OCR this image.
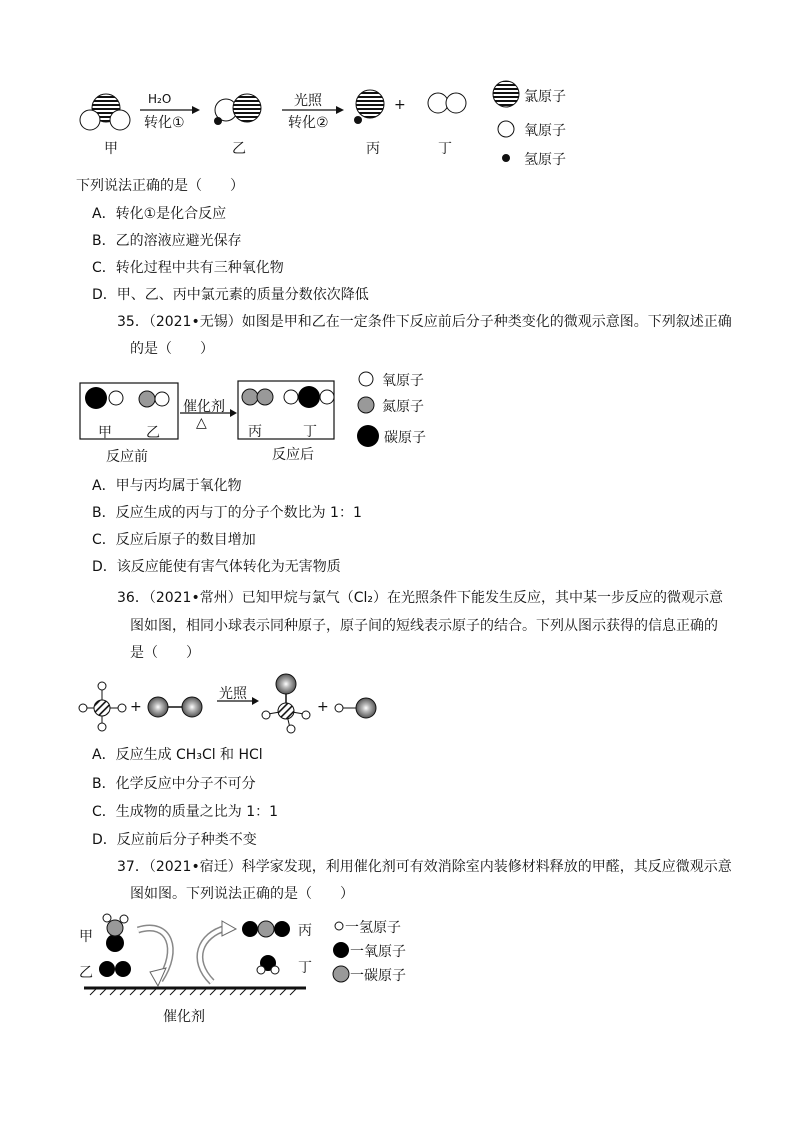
H₂O
转化①
光照
转化②
+
甲	乙	丙	丁
氯原子
氧原子
氢原子
下列说法正确的是（　　）
A．转化①是化合反应
B．乙的溶液应避光保存
C．转化过程中共有三种氧化物
D．甲、乙、丙中氯元素的质量分数依次降低
35．（2021•无锡）如图是甲和乙在一定条件下反应前后分子种类变化的微观示意图。下列叙述正确
的是（　　）
催化剂
△
甲 乙	丙	丁
反应前	反应后
氧原子
氮原子
碳原子
A．甲与丙均属于氧化物
B．反应生成的丙与丁的分子个数比为 1：1
C．反应后原子的数目增加
D．该反应能使有害气体转化为无害物质
36．（2021•常州）已知甲烷与氯气（Cl₂）在光照条件下能发生反应，其中某一步反应的微观示意
图如图，相同小球表示同种原子，原子间的短线表示原子的结合。下列从图示获得的信息正确的
是（　　）
+	+
光照
A．反应生成 CH₃Cl 和 HCl
B．化学反应中分子不可分
C．生成物的质量之比为 1：1
D．反应前后分子种类不变
37．（2021•宿迁）科学家发现，利用催化剂可有效消除室内装修材料释放的甲醛，其反应微观示意
图如图。下列说法正确的是（　　）
甲
乙
丙
丁
催化剂
一氢原子
一氧原子
一碳原子
